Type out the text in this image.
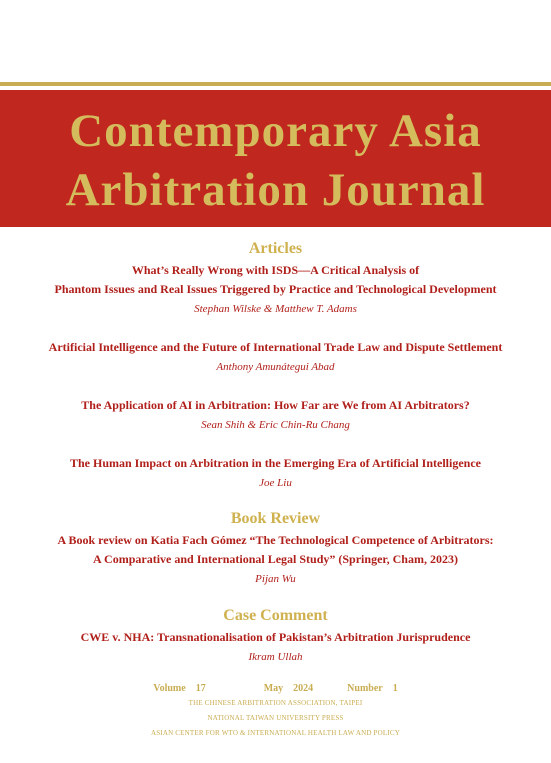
Contemporary Asia
Arbitration Journal
Articles
What’s Really Wrong with ISDS—A Critical Analysis of
Phantom Issues and Real Issues Triggered by Practice and Technological Development
Stephan Wilske & Matthew T. Adams
Artificial Intelligence and the Future of International Trade Law and Dispute Settlement
Anthony Amunátegui Abad
The Application of AI in Arbitration: How Far are We from AI Arbitrators?
Sean Shih & Eric Chin-Ru Chang
The Human Impact on Arbitration in the Emerging Era of Artificial Intelligence
Joe Liu
Book Review
A Book review on Katia Fach Gómez “The Technological Competence of Arbitrators:
A Comparative and International Legal Study” (Springer, Cham, 2023)
Pijan Wu
Case Comment
CWE v. NHA: Transnationalisation of Pakistan’s Arbitration Jurisprudence
Ikram Ullah
Volume 17	May 2024	Number 1
THE CHINESE ARBITRATION ASSOCIATION, TAIPEI
NATIONAL TAIWAN UNIVERSITY PRESS
ASIAN CENTER FOR WTO & INTERNATIONAL HEALTH LAW AND POLICY
